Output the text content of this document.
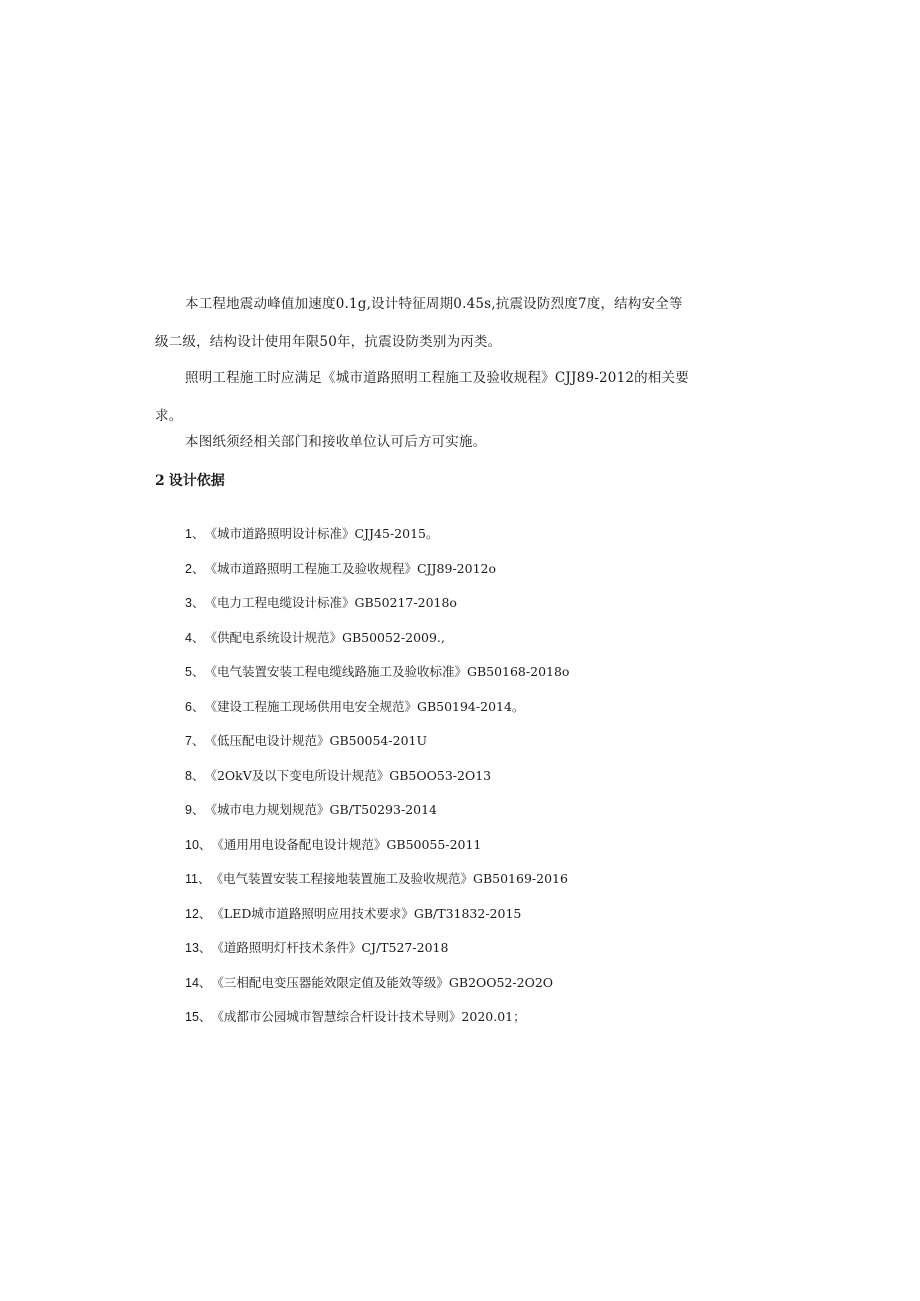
本工程地震动峰值加速度0.1g,设计特征周期0.45s,抗震设防烈度7度，结构安全等级二级，结构设计使用年限50年，抗震设防类别为丙类。

照明工程施工时应满足《城市道路照明工程施工及验收规程》CJJ89-2012的相关要求。

本图纸须经相关部门和接收单位认可后方可实施。

2 设计依据
1、《城市道路照明设计标准》CJJ45-2015。
2、《城市道路照明工程施工及验收规程》CJJ89-2012o
3、《电力工程电缆设计标准》GB50217-2018o
4、《供配电系统设计规范》GB50052-2009.,
5、《电气装置安装工程电缆线路施工及验收标准》GB50168-2018o
6、《建设工程施工现场供用电安全规范》GB50194-2014。
7、《低压配电设计规范》GB50054-201U
8、《2OkV及以下变电所设计规范》GB5OO53-2O13
9、《城市电力规划规范》GB/T50293-2014
10、《通用用电设备配电设计规范》GB50055-2011
11、《电气装置安装工程接地装置施工及验收规范》GB50169-2016
12、《LED城市道路照明应用技术要求》GB/T31832-2015
13、《道路照明灯杆技术条件》CJ/T527-2018
14、《三相配电变压器能效限定值及能效等级》GB2OO52-2O2O
15、《成都市公园城市智慧综合杆设计技术导则》2020.01；
